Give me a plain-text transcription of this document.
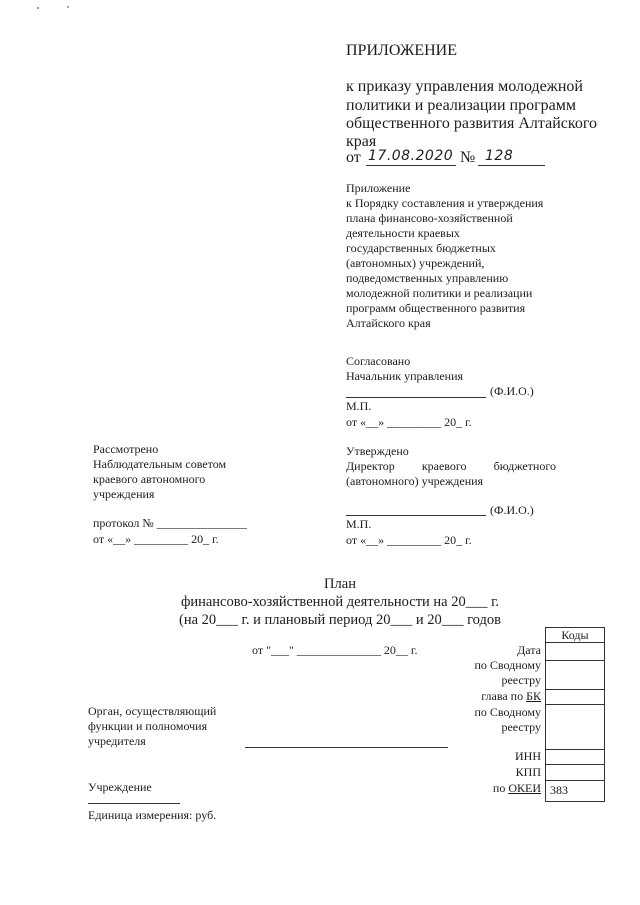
ПРИЛОЖЕНИЕ
к приказу управления молодежной
политики и реализации программ
общественного развития Алтайского
края
от 17.08.2020 № 128
Приложение
к Порядку составления и утверждения
плана финансово-хозяйственной
деятельности краевых
государственных бюджетных
(автономных) учреждений,
подведомственных управлению
молодежной политики и реализации
программ общественного развития
Алтайского края
Согласовано
Начальник управления
(Ф.И.О.)
М.П.
от «__» _________ 20_ г.
Рассмотрено
Наблюдательным советом
краевого автономного
учреждения
протокол № _______________
от «__» _________ 20_ г.
Утверждено
Директор краевого бюджетного
(автономного) учреждения
(Ф.И.О.)
М.П.
от «__» _________ 20_ г.
План
финансово-хозяйственной деятельности на 20___ г.
(на 20___ г. и плановый период 20___ и 20___ годов
от "___" ______________ 20__ г.
Коды
383
Дата
по Сводному
реестру
глава по БК
по Сводному
реестру
ИНН
КПП
по ОКЕИ
Орган, осуществляющий
функции и полномочия
учредителя
Учреждение
Единица измерения: руб.
